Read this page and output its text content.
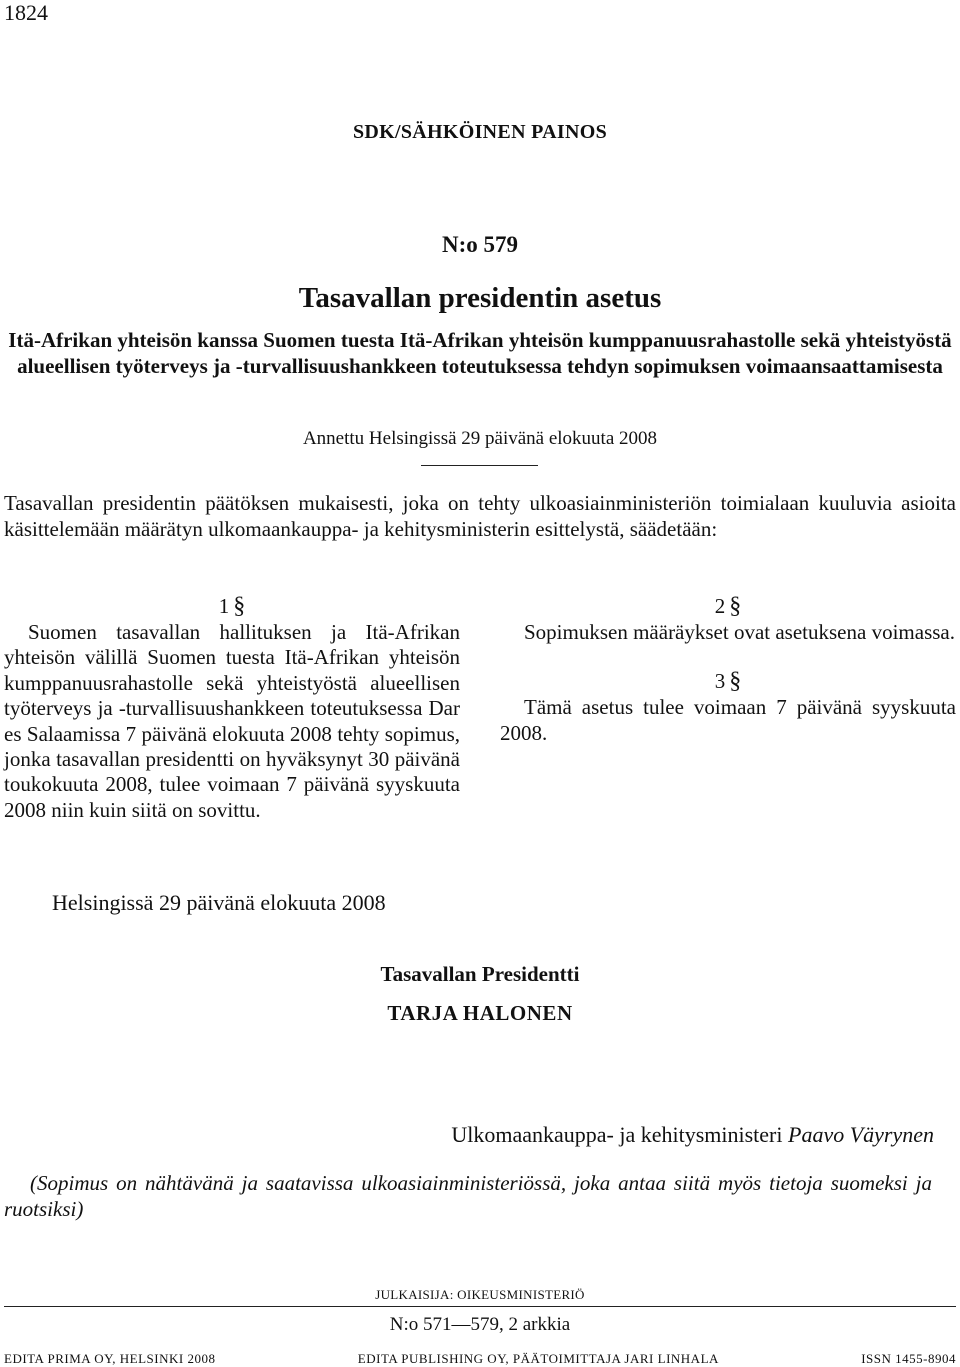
1824
SDK/SÄHKÖINEN PAINOS
N:o 579
Tasavallan presidentin asetus
Itä-Afrikan yhteisön kanssa Suomen tuesta Itä-Afrikan yhteisön kumppanuusrahastolle sekä yhteistyöstä alueellisen työterveys ja -turvallisuushankkeen toteutuksessa tehdyn sopimuksen voimaansaattamisesta
Annettu Helsingissä 29 päivänä elokuuta 2008
Tasavallan presidentin päätöksen mukaisesti, joka on tehty ulkoasiainministeriön toimialaan kuuluvia asioita käsittelemään määrätyn ulkomaankauppa- ja kehitysministerin esittelystä, säädetään:
1 §
Suomen tasavallan hallituksen ja Itä-Afrikan yhteisön välillä Suomen tuesta Itä-Afrikan yhteisön kumppanuusrahastolle sekä yhteistyöstä alueellisen työterveys ja -turvallisuushankkeen toteutuksessa Dar es Salaamissa 7 päivänä elokuuta 2008 tehty sopimus, jonka tasavallan presidentti on hyväksynyt 30 päivänä toukokuuta 2008, tulee voimaan 7 päivänä syyskuuta 2008 niin kuin siitä on sovittu.
2 §
Sopimuksen määräykset ovat asetuksena voimassa.
3 §
Tämä asetus tulee voimaan 7 päivänä syyskuuta 2008.
Helsingissä 29 päivänä elokuuta 2008
Tasavallan Presidentti
TARJA HALONEN
Ulkomaankauppa- ja kehitysministeri Paavo Väyrynen
(Sopimus on nähtävänä ja saatavissa ulkoasiainministeriössä, joka antaa siitä myös tietoja suomeksi ja ruotsiksi)
JULKAISIJA: OIKEUSMINISTERIÖ
N:o 571—579, 2 arkkia
EDITA PRIMA OY, HELSINKI 2008	EDITA PUBLISHING OY, PÄÄTOIMITTAJA JARI LINHALA	ISSN 1455-8904
